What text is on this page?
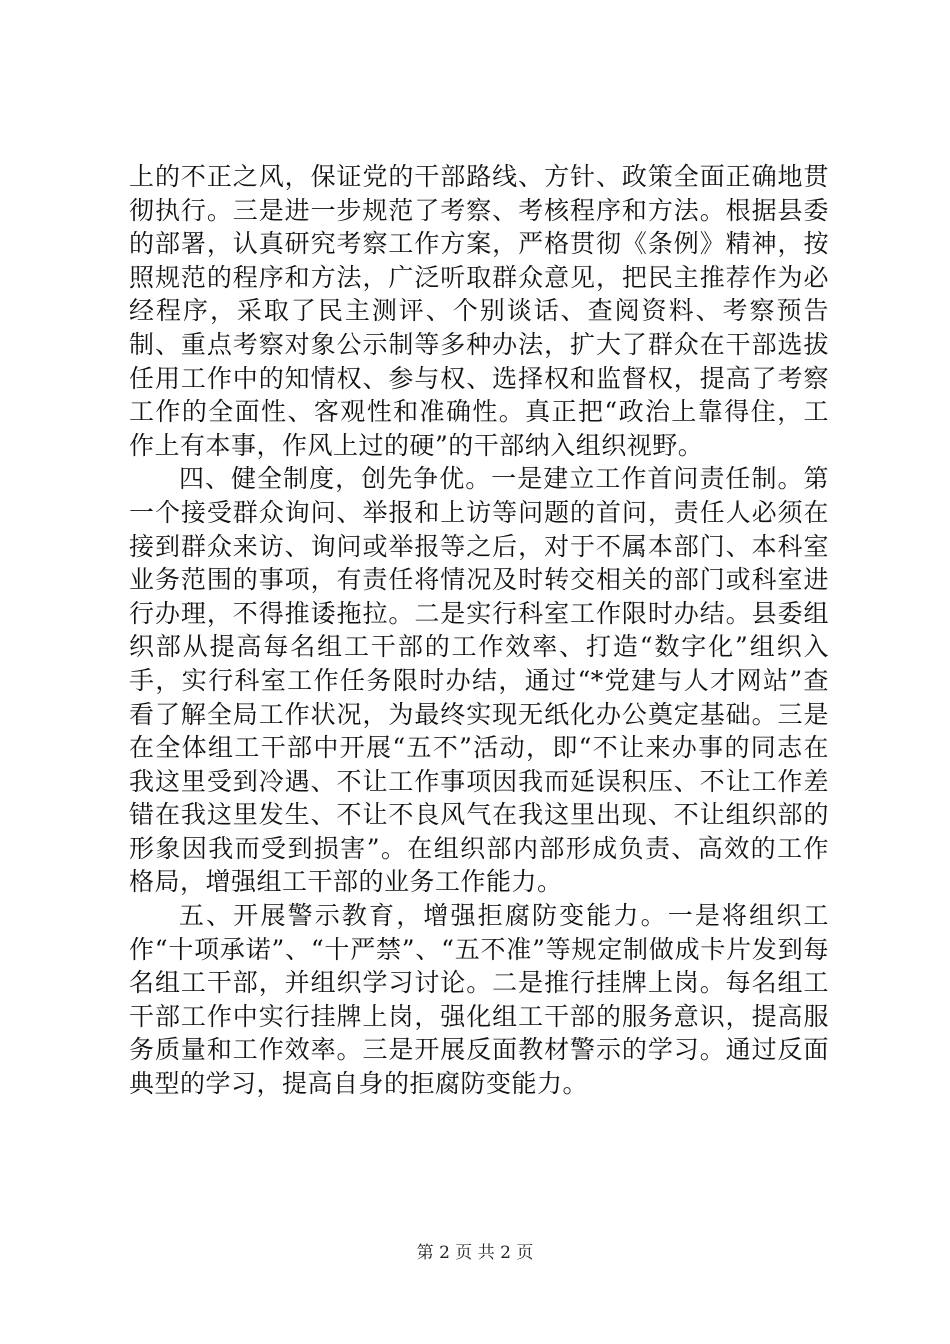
上的不正之风，保证党的干部路线、方针、政策全面正确地贯彻执行。三是进一步规范了考察、考核程序和方法。根据县委的部署，认真研究考察工作方案，严格贯彻《条例》精神，按照规范的程序和方法，广泛听取群众意见，把民主推荐作为必经程序，采取了民主测评、个别谈话、查阅资料、考察预告制、重点考察对象公示制等多种办法，扩大了群众在干部选拔任用工作中的知情权、参与权、选择权和监督权，提高了考察工作的全面性、客观性和准确性。真正把“政治上靠得住，工作上有本事，作风上过的硬”的干部纳入组织视野。

四、健全制度，创先争优。一是建立工作首问责任制。第一个接受群众询问、举报和上访等问题的首问，责任人必须在接到群众来访、询问或举报等之后，对于不属本部门、本科室业务范围的事项，有责任将情况及时转交相关的部门或科室进行办理，不得推诿拖拉。二是实行科室工作限时办结。县委组织部从提高每名组工干部的工作效率、打造“数字化”组织入手，实行科室工作任务限时办结，通过“*党建与人才网站”查看了解全局工作状况，为最终实现无纸化办公奠定基础。三是在全体组工干部中开展“五不”活动，即“不让来办事的同志在我这里受到冷遇、不让工作事项因我而延误积压、不让工作差错在我这里发生、不让不良风气在我这里出现、不让组织部的形象因我而受到损害”。在组织部内部形成负责、高效的工作格局，增强组工干部的业务工作能力。

五、开展警示教育，增强拒腐防变能力。一是将组织工作“十项承诺”、“十严禁”、“五不准”等规定制做成卡片发到每名组工干部，并组织学习讨论。二是推行挂牌上岗。每名组工干部工作中实行挂牌上岗，强化组工干部的服务意识，提高服务质量和工作效率。三是开展反面教材警示的学习。通过反面典型的学习，提高自身的拒腐防变能力。

第 2 页 共 2 页
